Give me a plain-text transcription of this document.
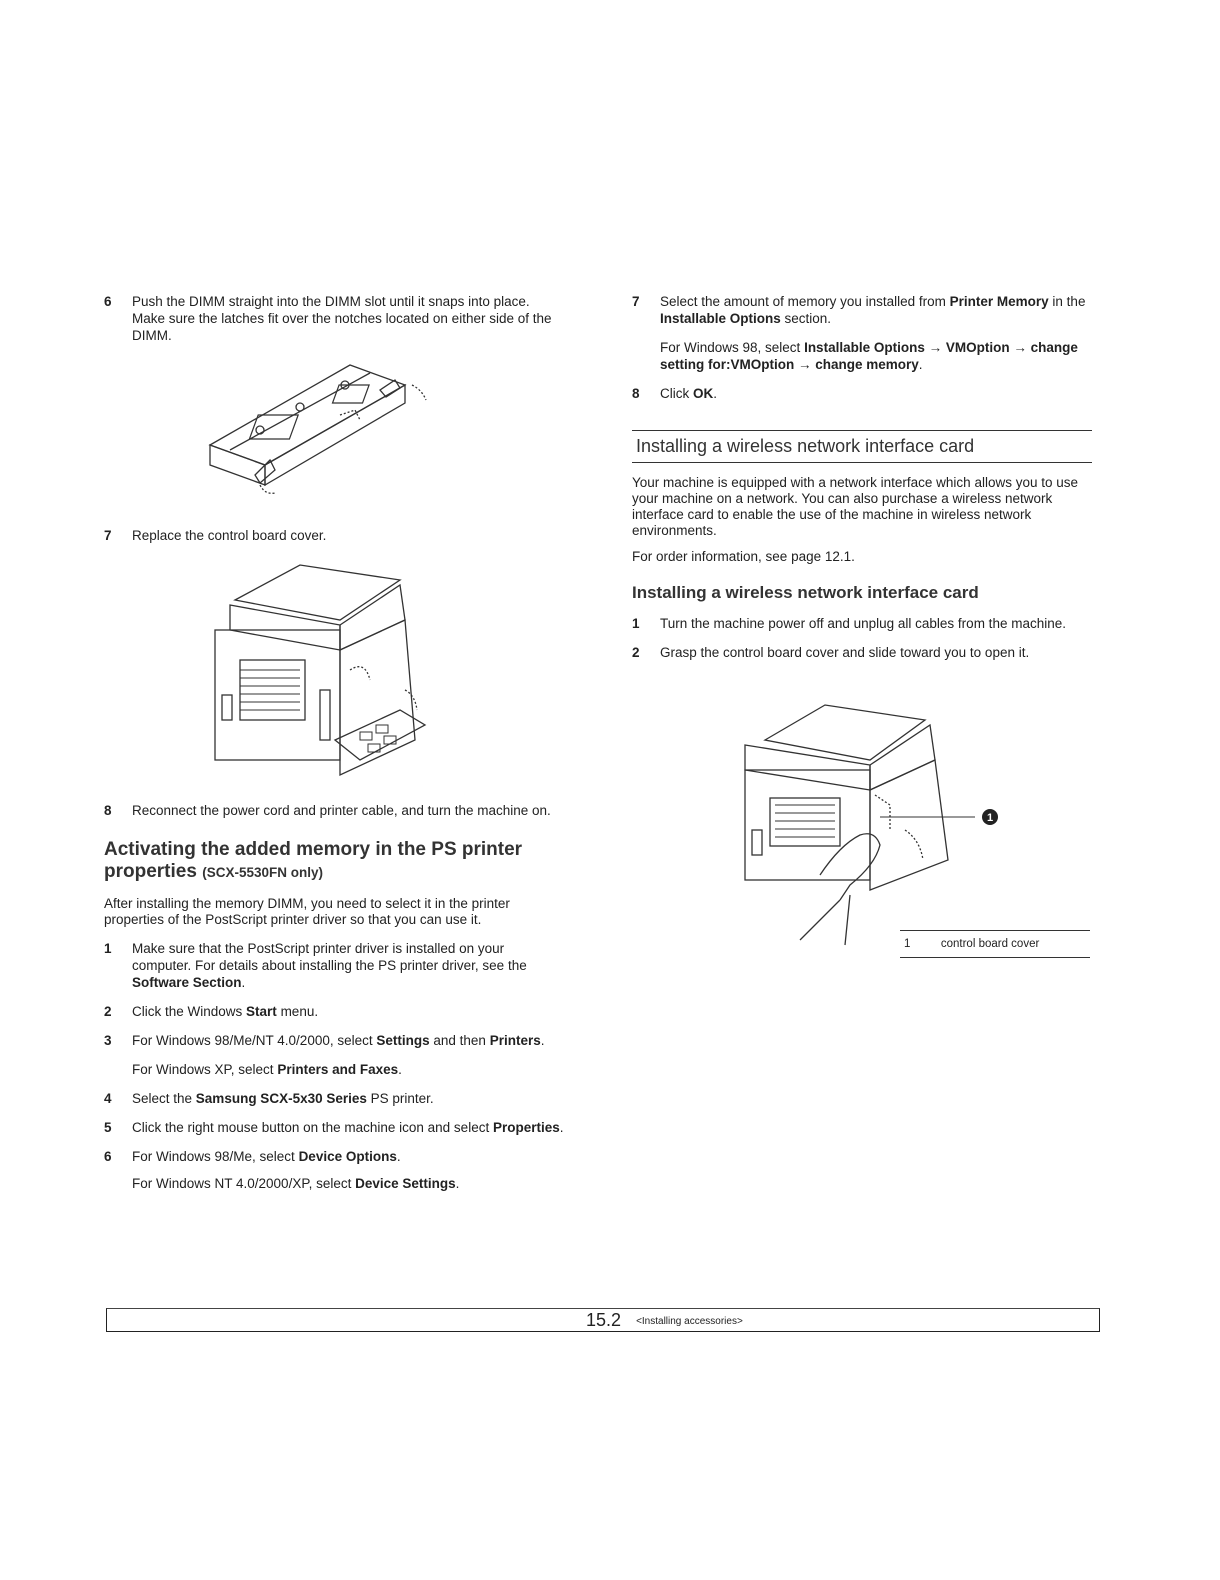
6 Push the DIMM straight into the DIMM slot until it snaps into place. Make sure the latches fit over the notches located on either side of the DIMM.

7 Replace the control board cover.

8 Reconnect the power cord and printer cable, and turn the machine on.

Activating the added memory in the PS printer properties (SCX-5530FN only)

After installing the memory DIMM, you need to select it in the printer properties of the PostScript printer driver so that you can use it.

1 Make sure that the PostScript printer driver is installed on your computer. For details about installing the PS printer driver, see the Software Section.

2 Click the Windows Start menu.

3 For Windows 98/Me/NT 4.0/2000, select Settings and then Printers.

For Windows XP, select Printers and Faxes.

4 Select the Samsung SCX-5x30 Series PS printer.

5 Click the right mouse button on the machine icon and select Properties.

6 For Windows 98/Me, select Device Options.

For Windows NT 4.0/2000/XP, select Device Settings.

7 Select the amount of memory you installed from Printer Memory in the Installable Options section.

For Windows 98, select Installable Options → VMOption → change setting for:VMOption → change memory.

8 Click OK.

Installing a wireless network interface card

Your machine is equipped with a network interface which allows you to use your machine on a network. You can also purchase a wireless network interface card to enable the use of the machine in wireless network environments.

For order information, see page 12.1.

Installing a wireless network interface card

1 Turn the machine power off and unplug all cables from the machine.

2 Grasp the control board cover and slide toward you to open it.

1
1	control board cover
15.2 <Installing accessories>
